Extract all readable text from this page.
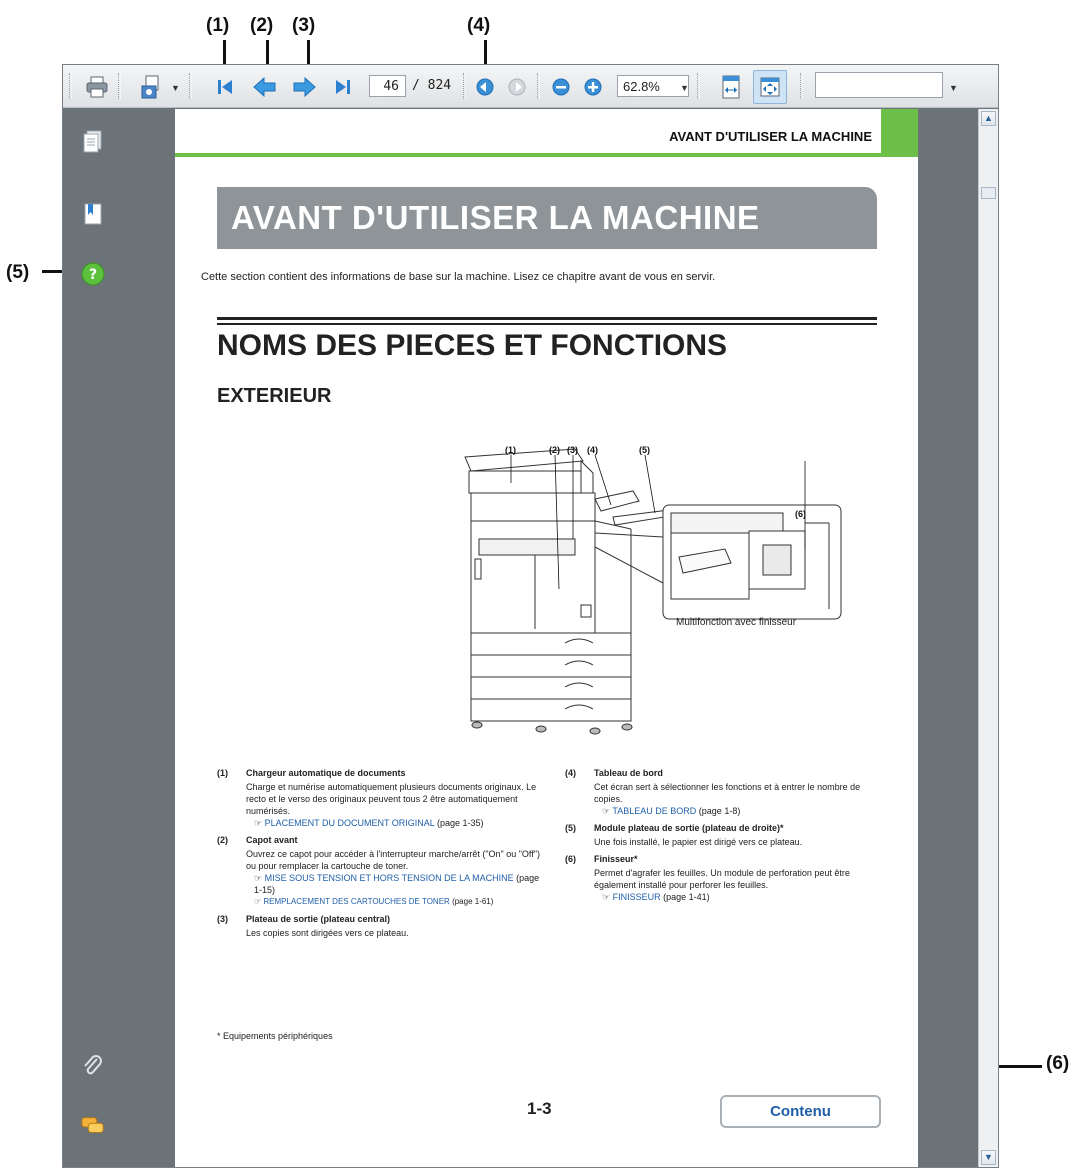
(1) (2) (3)	(4)
(5)
(6)
▼	46	/ 824	62.8%	▼	▼
?
AVANT D'UTILISER LA MACHINE
AVANT D'UTILISER LA MACHINE
Cette section contient des informations de base sur la machine. Lisez ce chapitre avant de vous en servir.
NOMS DES PIECES ET FONCTIONS
EXTERIEUR
(1)	(2) (3) (4)	(5)
(6)
Multifonction avec finisseur
(1) Chargeur automatique de documents
Charge et numérise automatiquement plusieurs documents originaux. Le recto et le verso des originaux peuvent tous 2 être automatiquement numérisés.
☞ PLACEMENT DU DOCUMENT ORIGINAL (page 1-35)
(2) Capot avant
Ouvrez ce capot pour accéder à l'interrupteur marche/arrêt ("On" ou "Off") ou pour remplacer la cartouche de toner.
☞ MISE SOUS TENSION ET HORS TENSION DE LA MACHINE (page 1-15)
☞ REMPLACEMENT DES CARTOUCHES DE TONER (page 1-61)
(3) Plateau de sortie (plateau central)
Les copies sont dirigées vers ce plateau.
(4) Tableau de bord
Cet écran sert à sélectionner les fonctions et à entrer le nombre de copies.
☞ TABLEAU DE BORD (page 1-8)
(5) Module plateau de sortie (plateau de droite)*
Une fois installé, le papier est dirigé vers ce plateau.
(6) Finisseur*
Permet d'agrafer les feuilles. Un module de perforation peut être également installé pour perforer les feuilles.
☞ FINISSEUR (page 1-41)
* Equipements périphériques
1-3	Contenu
▲
▼
